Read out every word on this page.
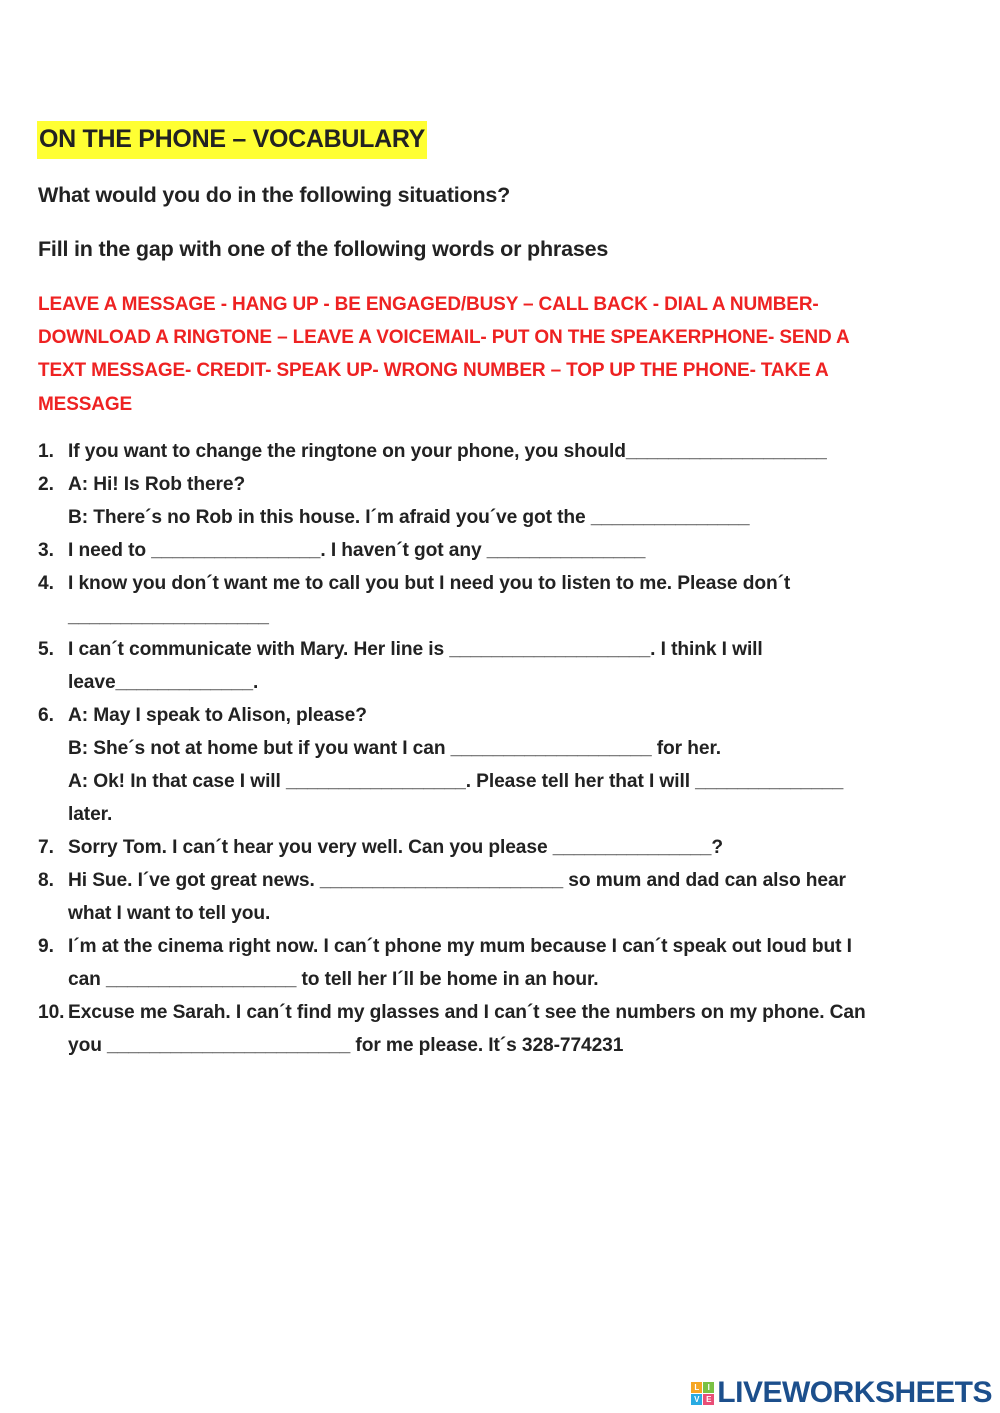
ON THE PHONE – VOCABULARY
What would you do in the following situations?
Fill in the gap with one of the following words or phrases
LEAVE A MESSAGE - HANG UP - BE ENGAGED/BUSY – CALL BACK - DIAL A NUMBER-
DOWNLOAD A RINGTONE – LEAVE A VOICEMAIL- PUT ON THE SPEAKERPHONE- SEND A
TEXT MESSAGE- CREDIT- SPEAK UP- WRONG NUMBER – TOP UP THE PHONE- TAKE A
MESSAGE
1. If you want to change the ringtone on your phone, you should___________________
2. A: Hi! Is Rob there?
B: There´s no Rob in this house. I´m afraid you´ve got the _______________
3. I need to ________________. I haven´t got any _______________
4. I know you don´t want me to call you but I need you to listen to me. Please don´t
___________________
5. I can´t communicate with Mary. Her line is ___________________. I think I will
leave_____________.
6. A: May I speak to Alison, please?
B: She´s not at home but if you want I can ___________________ for her.
A: Ok! In that case I will _________________. Please tell her that I will ______________
later.
7. Sorry Tom. I can´t hear you very well. Can you please _______________?
8. Hi Sue. I´ve got great news. _______________________ so mum and dad can also hear
what I want to tell you.
9. I´m at the cinema right now. I can´t phone my mum because I can´t speak out loud but I
can __________________ to tell her I´ll be home in an hour.
10. Excuse me Sarah. I can´t find my glasses and I can´t see the numbers on my phone. Can
you _______________________ for me please. It´s 328-774231
L	I
V E LIVEWORKSHEETS
